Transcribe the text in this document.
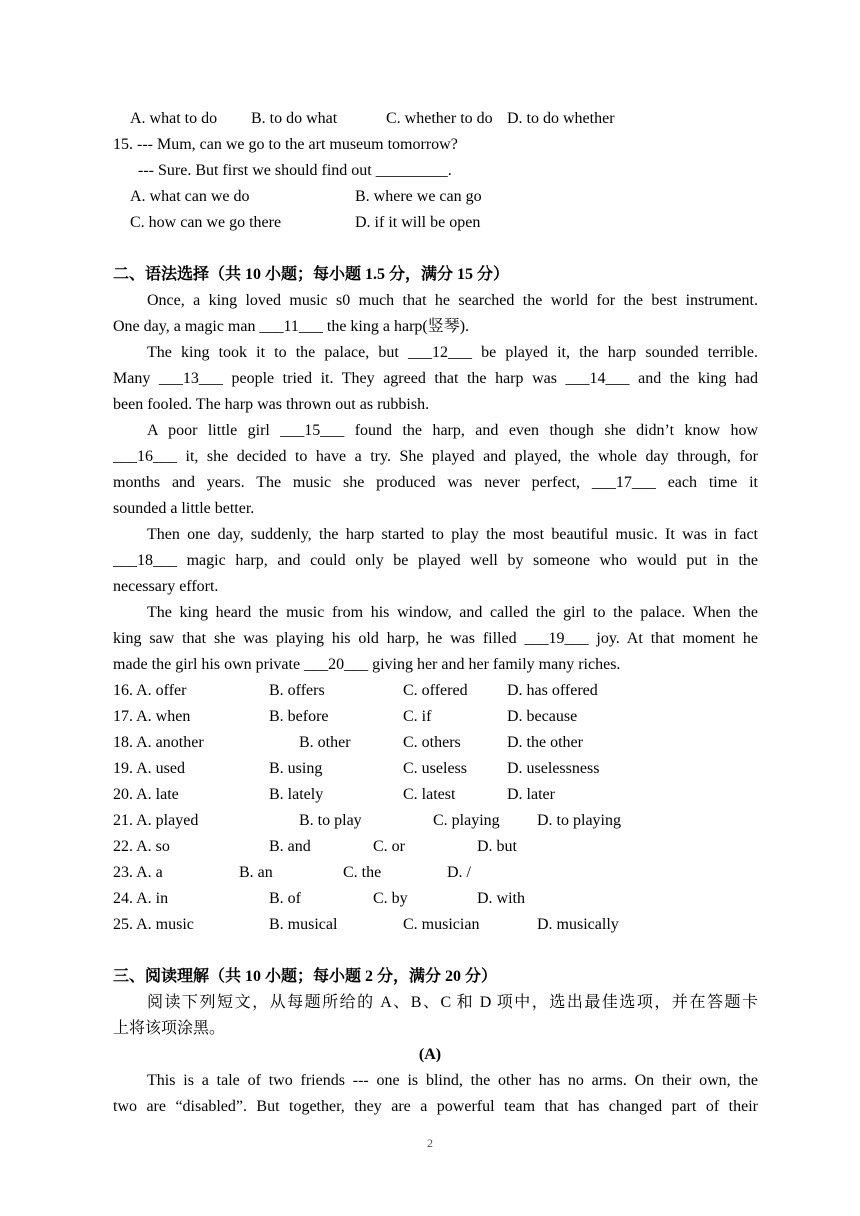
A. what to do B. to do what	C. whether to do D. to do whether
15. --- Mum, can we go to the art museum tomorrow?
--- Sure. But first we should find out _________.
A. what can we do	B. where we can go
C. how can we go there	D. if it will be open
二、语法选择（共 10 小题；每小题 1.5 分，满分 15 分）
Once, a king loved music s0 much that he searched the world for the best instrument.
One day, a magic man ___11___ the king a harp(竖琴).
The king took it to the palace, but ___12___ be played it, the harp sounded terrible.
Many ___13___ people tried it. They agreed that the harp was ___14___ and the king had
been fooled. The harp was thrown out as rubbish.
A poor little girl ___15___ found the harp, and even though she didn’t know how
___16___ it, she decided to have a try. She played and played, the whole day through, for
months and years. The music she produced was never perfect, ___17___ each time it
sounded a little better.
Then one day, suddenly, the harp started to play the most beautiful music. It was in fact
___18___ magic harp, and could only be played well by someone who would put in the
necessary effort.
The king heard the music from his window, and called the girl to the palace. When the
king saw that she was playing his old harp, he was filled ___19___ joy. At that moment he
made the girl his own private ___20___ giving her and her family many riches.
16. A. offer	B. offers	C. offered D. has offered
17. A. when	B. before	C. if	D. because
18. A. another	B. other	C. others	D. the other
19. A. used	B. using	C. useless	D. uselessness
20. A. late	B. lately	C. latest	D. later
21. A. played	B. to play	C. playing D. to playing
22. A. so	B. and	C. or	D. but
23. A. a	B. an	C. the	D. /
24. A. in	B. of	C. by	D. with
25. A. music	B. musical	C. musician	D. musically
三、阅读理解（共 10 小题；每小题 2 分，满分 20 分）
阅读下列短文，从每题所给的 A、B、C 和 D 项中，选出最佳选项，并在答题卡
上将该项涂黑。
(A)
This is a tale of two friends --- one is blind, the other has no arms. On their own, the
two are “disabled”. But together, they are a powerful team that has changed part of their
2
